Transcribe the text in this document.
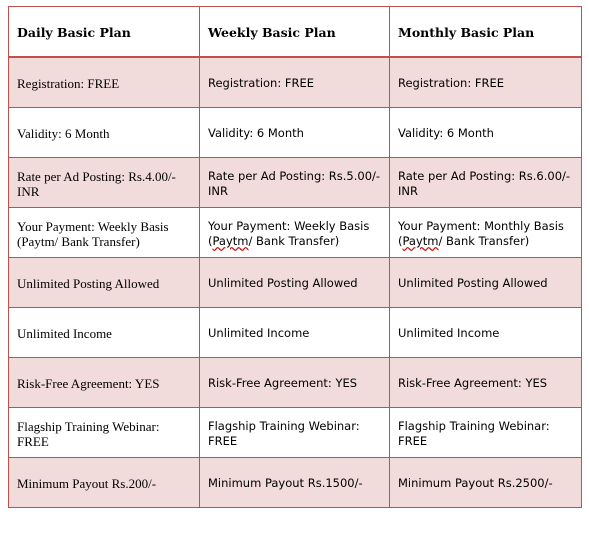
Daily Basic Plan	Weekly Basic Plan	Monthly Basic Plan
Registration: FREE	Registration: FREE	Registration: FREE
Validity: 6 Month	Validity: 6 Month	Validity: 6 Month
Rate per Ad Posting: Rs.4.00/-INR	Rate per Ad Posting: Rs.5.00/-INR	Rate per Ad Posting: Rs.6.00/-INR
Your Payment: Weekly Basis (Paytm/ Bank Transfer)	Your Payment: Weekly Basis (Paytm/ Bank Transfer)	Your Payment: Monthly Basis (Paytm/ Bank Transfer)
Unlimited Posting Allowed	Unlimited Posting Allowed	Unlimited Posting Allowed
Unlimited Income	Unlimited Income	Unlimited Income
Risk-Free Agreement: YES	Risk-Free Agreement: YES	Risk-Free Agreement: YES
Flagship Training Webinar: FREE	Flagship Training Webinar: FREE	Flagship Training Webinar: FREE
Minimum Payout Rs.200/-	Minimum Payout Rs.1500/-	Minimum Payout Rs.2500/-
